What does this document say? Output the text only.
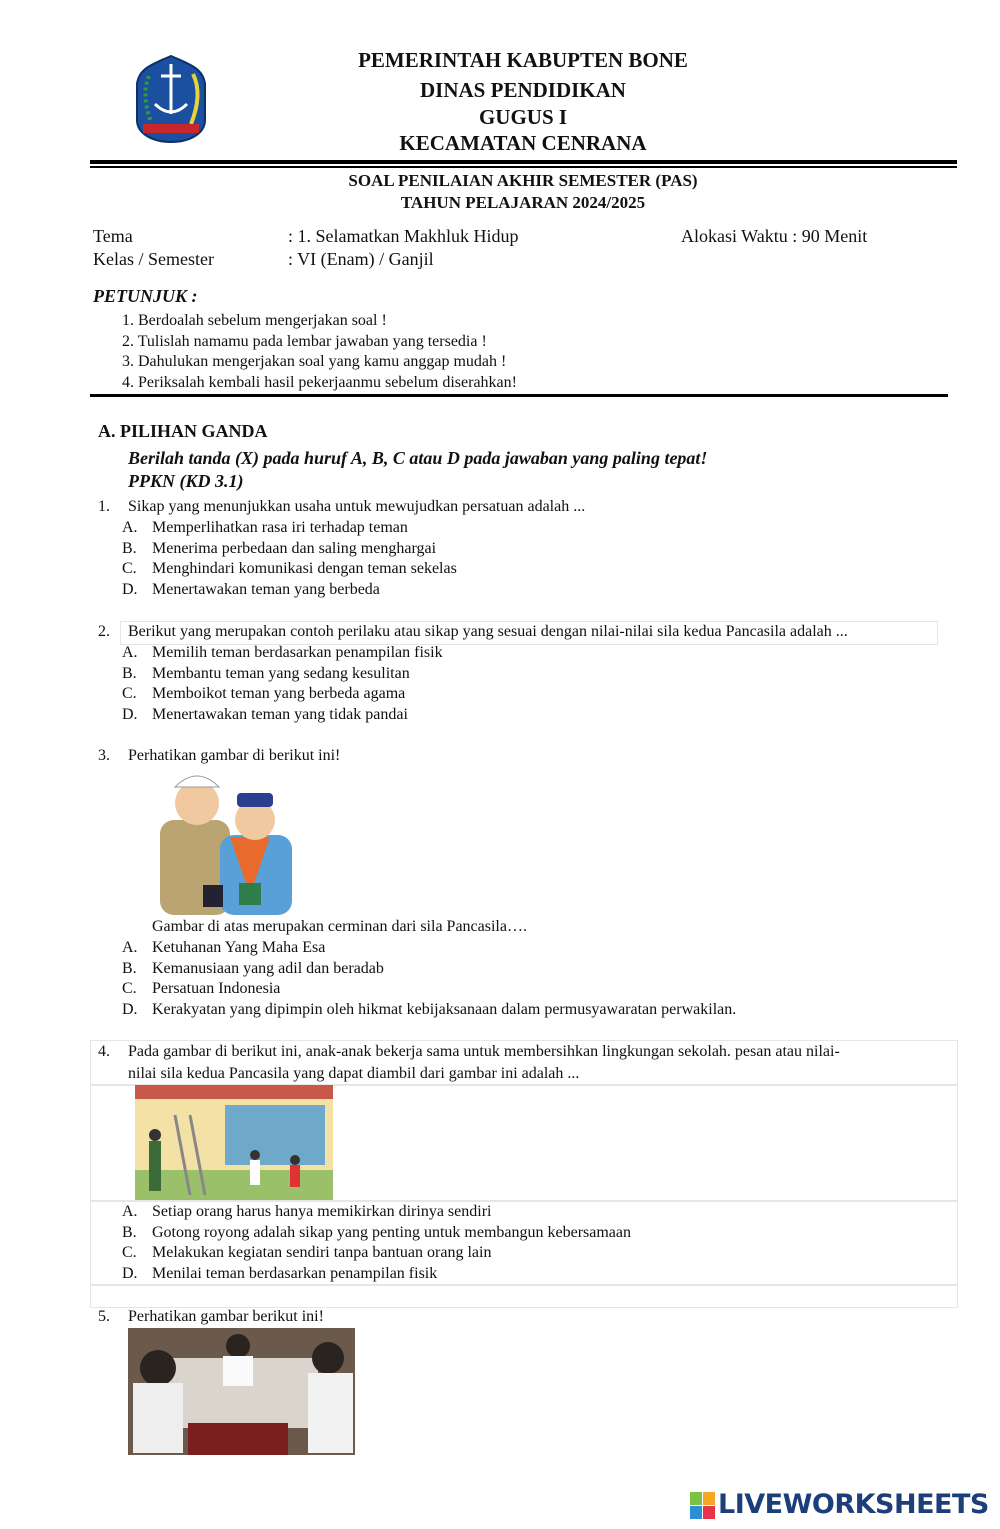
PEMERINTAH KABUPTEN BONE
DINAS PENDIDIKAN
GUGUS I
KECAMATAN CENRANA
SOAL PENILAIAN AKHIR SEMESTER (PAS)
TAHUN PELAJARAN 2024/2025
Tema	: 1. Selamatkan Makhluk Hidup	Alokasi Waktu : 90 Menit
Kelas / Semester	: VI (Enam) / Ganjil
PETUNJUK :
1. Berdoalah sebelum mengerjakan soal !
2. Tulislah namamu pada lembar jawaban yang tersedia !
3. Dahulukan mengerjakan soal yang kamu anggap mudah !
4. Periksalah kembali hasil pekerjaanmu sebelum diserahkan!
A. PILIHAN GANDA
Berilah tanda (X) pada huruf A, B, C atau D pada jawaban yang paling tepat!
PPKN (KD 3.1)
1. Sikap yang menunjukkan usaha untuk mewujudkan persatuan adalah ...
A. Memperlihatkan rasa iri terhadap teman
B. Menerima perbedaan dan saling menghargai
C. Menghindari komunikasi dengan teman sekelas
D. Menertawakan teman yang berbeda
2. Berikut yang merupakan contoh perilaku atau sikap yang sesuai dengan nilai-nilai sila kedua Pancasila adalah ...
A. Memilih teman berdasarkan penampilan fisik
B. Membantu teman yang sedang kesulitan
C. Memboikot teman yang berbeda agama
D. Menertawakan teman yang tidak pandai
3. Perhatikan gambar di berikut ini!
Gambar di atas merupakan cerminan dari sila Pancasila….
A. Ketuhanan Yang Maha Esa
B. Kemanusiaan yang adil dan beradab
C. Persatuan Indonesia
D. Kerakyatan yang dipimpin oleh hikmat kebijaksanaan dalam permusyawaratan perwakilan.
4. Pada gambar di berikut ini, anak-anak bekerja sama untuk membersihkan lingkungan sekolah. pesan atau nilai-
nilai sila kedua Pancasila yang dapat diambil dari gambar ini adalah ...
A. Setiap orang harus hanya memikirkan dirinya sendiri
B. Gotong royong adalah sikap yang penting untuk membangun kebersamaan
C. Melakukan kegiatan sendiri tanpa bantuan orang lain
D. Menilai teman berdasarkan penampilan fisik
5. Perhatikan gambar berikut ini!
LIVEWORKSHEETS
